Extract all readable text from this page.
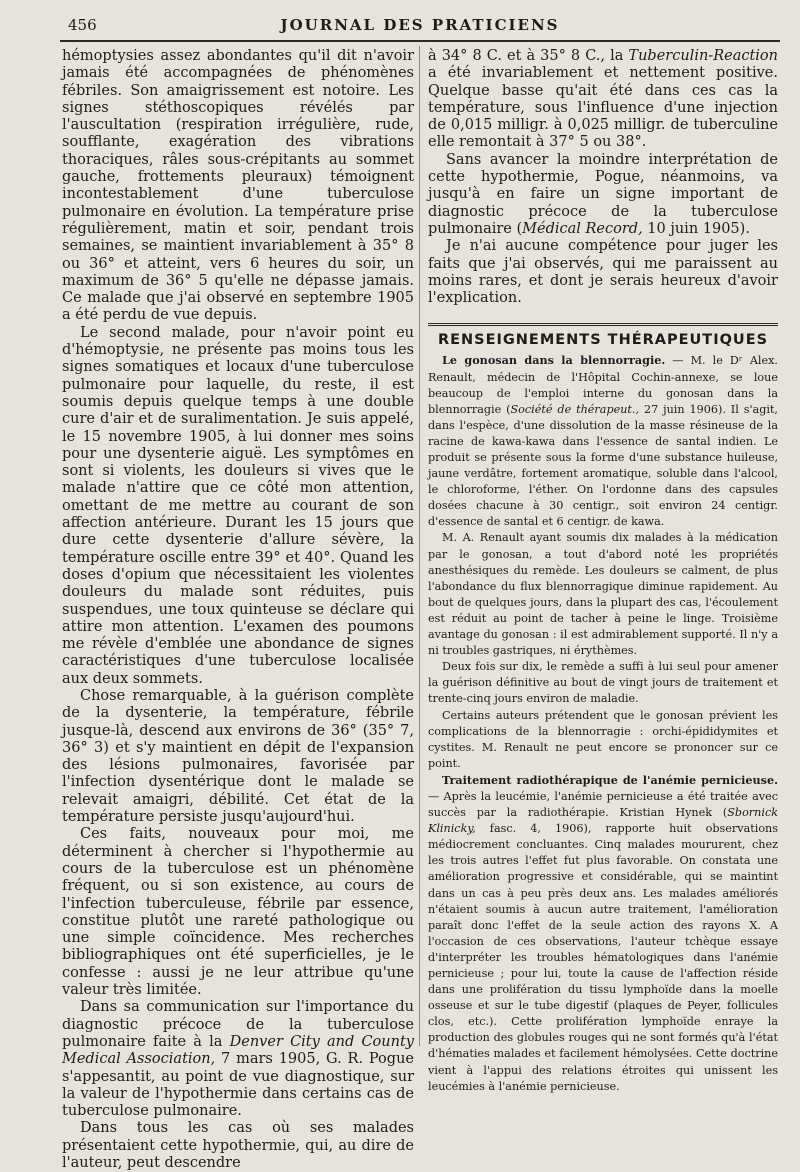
456	JOURNAL DES PRATICIENS

hémoptysies assez abondantes qu'il dit n'avoir jamais été accompagnées de phénomènes fébriles. Son amaigrissement est notoire. Les signes stéthoscopiques révélés par l'auscultation (respiration irrégulière, rude, soufflante, exagération des vibrations thoraciques, râles sous-crépitants au sommet gauche, frottements pleuraux) témoignent incontestablement d'une tuberculose pulmonaire en évolution. La température prise régulièrement, matin et soir, pendant trois semaines, se maintient invariablement à 35° 8 ou 36° et atteint, vers 6 heures du soir, un maximum de 36° 5 qu'elle ne dépasse jamais. Ce malade que j'ai observé en septembre 1905 a été perdu de vue depuis.

Le second malade, pour n'avoir point eu d'hémoptysie, ne présente pas moins tous les signes somatiques et locaux d'une tuberculose pulmonaire pour laquelle, du reste, il est soumis depuis quelque temps à une double cure d'air et de suralimentation. Je suis appelé, le 15 novembre 1905, à lui donner mes soins pour une dysenterie aiguë. Les symptômes en sont si violents, les douleurs si vives que le malade n'attire que ce côté mon attention, omettant de me mettre au courant de son affection antérieure. Durant les 15 jours que dure cette dysenterie d'allure sévère, la température oscille entre 39° et 40°. Quand les doses d'opium que nécessitaient les violentes douleurs du malade sont réduites, puis suspendues, une toux quinteuse se déclare qui attire mon attention. L'examen des poumons me révèle d'emblée une abondance de signes caractéristiques d'une tuberculose localisée aux deux sommets.

Chose remarquable, à la guérison complète de la dysenterie, la température, fébrile jusque-là, descend aux environs de 36° (35° 7, 36° 3) et s'y maintient en dépit de l'expansion des lésions pulmonaires, favorisée par l'infection dysentérique dont le malade se relevait amaigri, débilité. Cet état de la température persiste jusqu'aujourd'hui.

Ces faits, nouveaux pour moi, me déterminent à chercher si l'hypothermie au cours de la tuberculose est un phénomène fréquent, ou si son existence, au cours de l'infection tuberculeuse, fébrile par essence, constitue plutôt une rareté pathologique ou une simple coïncidence. Mes recherches bibliographiques ont été superficielles, je le confesse : aussi je ne leur attribue qu'une valeur très limitée.

Dans sa communication sur l'importance du diagnostic précoce de la tuberculose pulmonaire faite à la Denver City and County Medical Association, 7 mars 1905, G. R. Pogue s'appesantit, au point de vue diagnostique, sur la valeur de l'hypothermie dans certains cas de tuberculose pulmonaire.

Dans tous les cas où ses malades présentaient cette hypothermie, qui, au dire de l'auteur, peut descendre

à 34° 8 C. et à 35° 8 C., la Tuberculin-Reaction a été invariablement et nettement positive. Quelque basse qu'ait été dans ces cas la température, sous l'influence d'une injection de 0,015 milligr. à 0,025 milligr. de tuberculine elle remontait à 37° 5 ou 38°.

Sans avancer la moindre interprétation de cette hypothermie, Pogue, néanmoins, va jusqu'à en faire un signe important de diagnostic précoce de la tuberculose pulmonaire (Médical Record, 10 juin 1905).

Je n'ai aucune compétence pour juger les faits que j'ai observés, qui me paraissent au moins rares, et dont je serais heureux d'avoir l'explication.

RENSEIGNEMENTS THÉRAPEUTIQUES

Le gonosan dans la blennorragie. — M. le Dʳ Alex. Renault, médecin de l'Hôpital Cochin-annexe, se loue beaucoup de l'emploi interne du gonosan dans la blennorragie (Société de thérapeut., 27 juin 1906). Il s'agit, dans l'espèce, d'une dissolution de la masse résineuse de la racine de kawa-kawa dans l'essence de santal indien. Le produit se présente sous la forme d'une substance huileuse, jaune verdâtre, fortement aromatique, soluble dans l'alcool, le chloroforme, l'éther. On l'ordonne dans des capsules dosées chacune à 30 centigr., soit environ 24 centigr. d'essence de santal et 6 centigr. de kawa.

M. A. Renault ayant soumis dix malades à la médication par le gonosan, a tout d'abord noté les propriétés anesthésiques du remède. Les douleurs se calment, de plus l'abondance du flux blennorragique diminue rapidement. Au bout de quelques jours, dans la plupart des cas, l'écoulement est réduit au point de tacher à peine le linge. Troisième avantage du gonosan : il est admirablement supporté. Il n'y a ni troubles gastriques, ni érythèmes.

Deux fois sur dix, le remède a suffi à lui seul pour amener la guérison définitive au bout de vingt jours de traitement et trente-cinq jours environ de maladie.

Certains auteurs prétendent que le gonosan prévient les complications de la blennorragie : orchi-épididymites et cystites. M. Renault ne peut encore se prononcer sur ce point.

Traitement radiothérapique de l'anémie pernicieuse. — Après la leucémie, l'anémie pernicieuse a été traitée avec succès par la radiothérapie. Kristian Hynek (Sbornick Klinicky, fasc. 4, 1906), rapporte huit observations médiocrement concluantes. Cinq malades moururent, chez les trois autres l'effet fut plus favorable. On constata une amélioration progressive et considérable, qui se maintint dans un cas à peu près deux ans. Les malades améliorés n'étaient soumis à aucun autre traitement, l'amélioration paraît donc l'effet de la seule action des rayons X. A l'occasion de ces observations, l'auteur tchèque essaye d'interpréter les troubles hématologiques dans l'anémie pernicieuse ; pour lui, toute la cause de l'affection réside dans une prolifération du tissu lymphoïde dans la moelle osseuse et sur le tube digestif (plaques de Peyer, follicules clos, etc.). Cette prolifération lymphoïde enraye la production des globules rouges qui ne sont formés qu'à l'état d'hématies malades et facilement hémolysées. Cette doctrine vient à l'appui des relations étroites qui unissent les leucémies à l'anémie pernicieuse.
